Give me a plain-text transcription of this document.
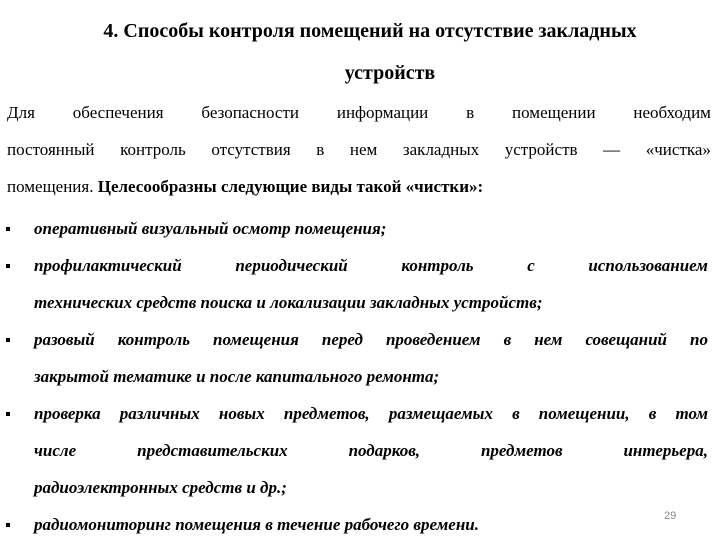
4. Способы контроля помещений на отсутствие закладных
устройств
Для обеспечения безопасности информации в помещении необходим
постоянный контроль отсутствия в нем закладных устройств — «чистка»
помещения. Целесообразны следующие виды такой «чистки»:
оперативный визуальный осмотр помещения;
профилактический	периодический	контроль	с	использованием
технических средств поиска и локализации закладных устройств;
разовый контроль помещения перед проведением в нем совещаний по
закрытой тематике и после капитального ремонта;
проверка различных новых предметов, размещаемых в помещении, в том
числе	представительских	подарков,	предметов	интерьера,
радиоэлектронных средств и др.;
радиомониторинг помещения в течение рабочего времени.	29
